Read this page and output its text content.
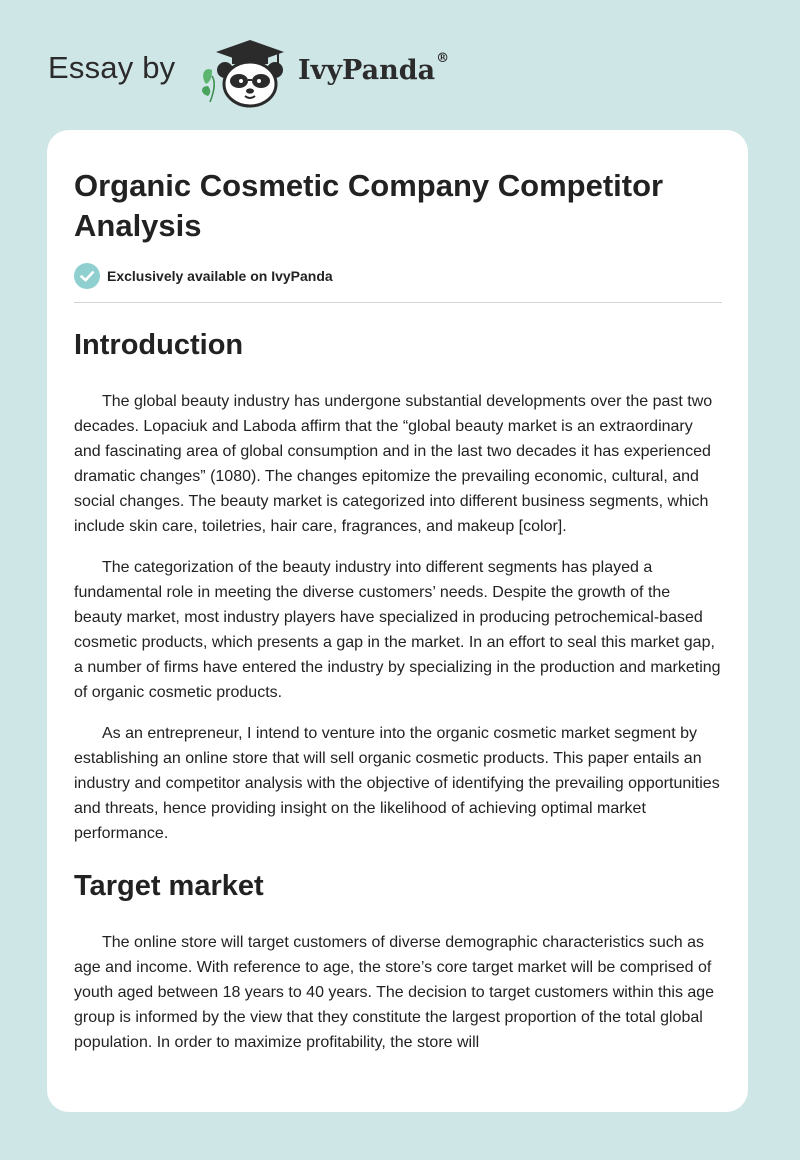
Essay by	IvyPanda®
Organic Cosmetic Company Competitor Analysis
Exclusively available on IvyPanda
Introduction

The global beauty industry has undergone substantial developments over the past two decades. Lopaciuk and Laboda affirm that the “global beauty market is an extraordinary and fascinating area of global consumption and in the last two decades it has experienced dramatic changes” (1080). The changes epitomize the prevailing economic, cultural, and social changes. The beauty market is categorized into different business segments, which include skin care, toiletries, hair care, fragrances, and makeup [color].

The categorization of the beauty industry into different segments has played a fundamental role in meeting the diverse customers’ needs. Despite the growth of the beauty market, most industry players have specialized in producing petrochemical-based cosmetic products, which presents a gap in the market. In an effort to seal this market gap, a number of firms have entered the industry by specializing in the production and marketing of organic cosmetic products.

As an entrepreneur, I intend to venture into the organic cosmetic market segment by establishing an online store that will sell organic cosmetic products. This paper entails an industry and competitor analysis with the objective of identifying the prevailing opportunities and threats, hence providing insight on the likelihood of achieving optimal market performance.

Target market

The online store will target customers of diverse demographic characteristics such as age and income. With reference to age, the store’s core target market will be comprised of youth aged between 18 years to 40 years. The decision to target customers within this age group is informed by the view that they constitute the largest proportion of the total global population. In order to maximize profitability, the store will
